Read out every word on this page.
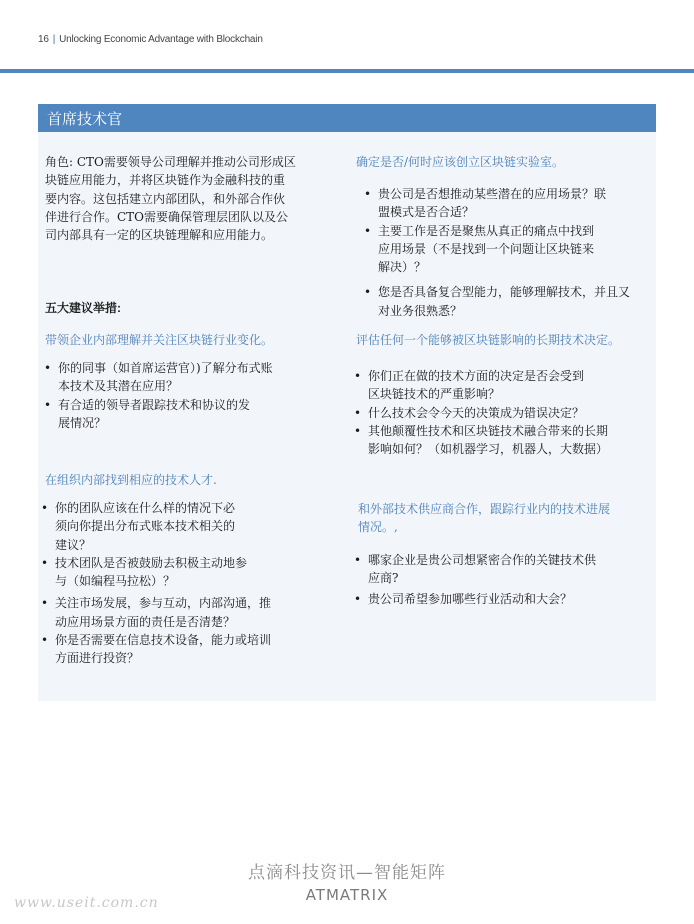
16 | Unlocking Economic Advantage with Blockchain
首席技术官

角色: CTO需要领导公司理解并推动公司形成区

块链应用能力，并将区块链作为金融科技的重

要内容。这包括建立内部团队，和外部合作伙

伴进行合作。CTO需要确保管理层团队以及公

司内部具有一定的区块链理解和应用能力。

五大建议举措:
带领企业内部理解并关注区块链行业变化。
• 你的同事（如首席运营官）)了解分布式账
本技术及其潜在应用？
• 有合适的领导者跟踪技术和协议的发
展情况？
在组织内部找到相应的技术人才.
• 你的团队应该在什么样的情况下必
须向你提出分布式账本技术相关的
建议？
• 技术团队是否被鼓励去积极主动地参
与（如编程马拉松）？
• 关注市场发展，参与互动，内部沟通，推
动应用场景方面的责任是否清楚？
• 你是否需要在信息技术设备，能力或培训
方面进行投资？
确定是否/何时应该创立区块链实验室。
• 贵公司是否想推动某些潜在的应用场景？联
盟模式是否合适？
• 主要工作是否是聚焦从真正的痛点中找到
应用场景（不是找到一个问题让区块链来
解决）？
• 您是否具备复合型能力，能够理解技术，并且又
对业务很熟悉？
评估任何一个能够被区块链影响的长期技术决定。
• 你们正在做的技术方面的决定是否会受到
区块链技术的严重影响？
• 什么技术会令今天的决策成为错误决定？
• 其他颠覆性技术和区块链技术融合带来的长期
影响如何？（如机器学习，机器人，大数据）
和外部技术供应商合作，跟踪行业内的技术进展
情况。,
• 哪家企业是贵公司想紧密合作的关键技术供
应商?
• 贵公司希望参加哪些行业活动和大会？
点滴科技资讯—智能矩阵
ATMATRIX
www.useit.com.cn
